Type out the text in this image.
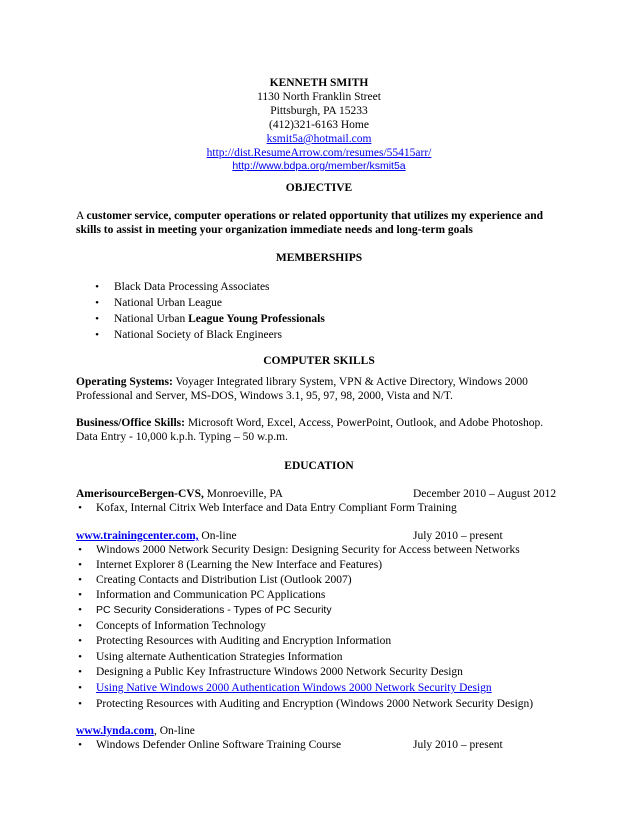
KENNETH SMITH
1130 North Franklin Street
Pittsburgh, PA 15233
(412)321-6163 Home
ksmit5a@hotmail.com
http://dist.ResumeArrow.com/resumes/55415arr/
http://www.bdpa.org/member/ksmit5a
OBJECTIVE
A customer service, computer operations or related opportunity that utilizes my experience and
skills to assist in meeting your organization immediate needs and long-term goals
MEMBERSHIPS
• Black Data Processing Associates
• National Urban League
• National Urban League Young Professionals
• National Society of Black Engineers
COMPUTER SKILLS
Operating Systems: Voyager Integrated library System, VPN & Active Directory, Windows 2000
Professional and Server, MS-DOS, Windows 3.1, 95, 97, 98, 2000, Vista and N/T.
Business/Office Skills: Microsoft Word, Excel, Access, PowerPoint, Outlook, and Adobe Photoshop.
Data Entry - 10,000 k.p.h. Typing – 50 w.p.m.
EDUCATION
AmerisourceBergen-CVS, Monroeville, PA	December 2010 – August 2012
• Kofax, Internal Citrix Web Interface and Data Entry Compliant Form Training
www.trainingcenter.com, On-line	July 2010 – present
• Windows 2000 Network Security Design: Designing Security for Access between Networks
• Internet Explorer 8 (Learning the New Interface and Features)
• Creating Contacts and Distribution List (Outlook 2007)
• Information and Communication PC Applications
• PC Security Considerations - Types of PC Security
• Concepts of Information Technology
• Protecting Resources with Auditing and Encryption Information
• Using alternate Authentication Strategies Information
• Designing a Public Key Infrastructure Windows 2000 Network Security Design
• Using Native Windows 2000 Authentication Windows 2000 Network Security Design
• Protecting Resources with Auditing and Encryption (Windows 2000 Network Security Design)
www.lynda.com, On-line
• Windows Defender Online Software Training Course	July 2010 – present
